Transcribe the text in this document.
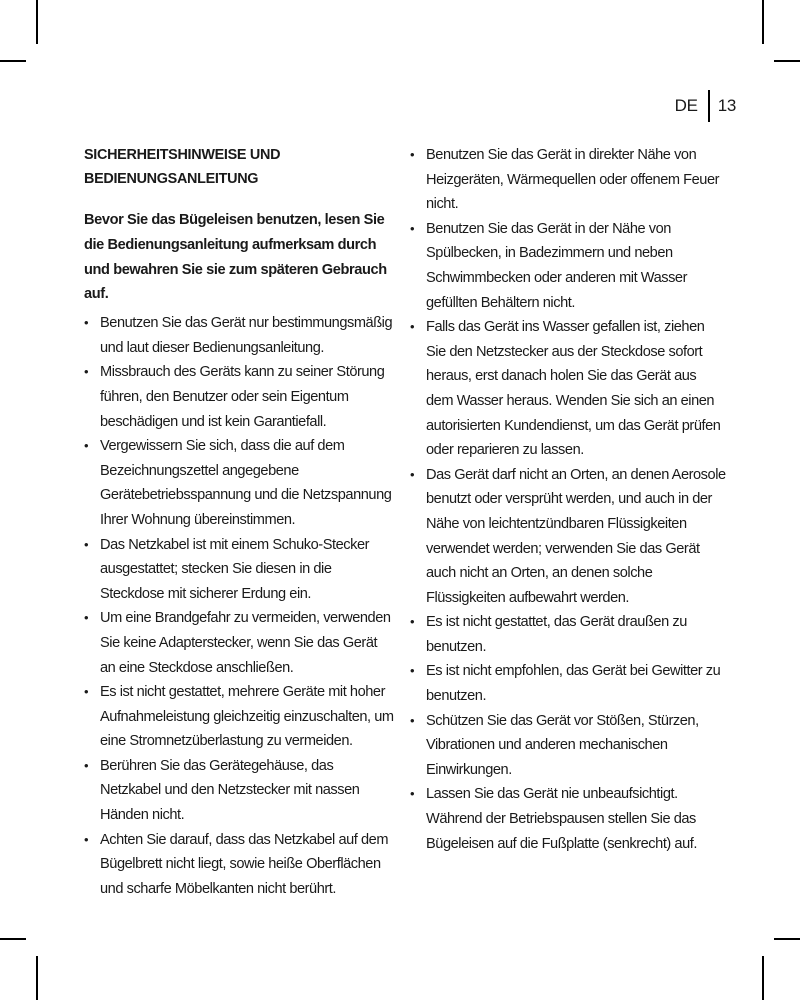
DE 13
SICHERHEITSHINWEISE UND
BEDIENUNGSANLEITUNG

Bevor Sie das Bügeleisen benutzen, lesen Sie die Bedienungsanleitung aufmerksam durch und bewahren Sie sie zum späteren Gebrauch auf.

• Benutzen Sie das Gerät nur bestimmungsmäßig und laut dieser Bedienungsanleitung.
• Missbrauch des Geräts kann zu seiner Störung führen, den Benutzer oder sein Eigentum beschädigen und ist kein Garantiefall.
• Vergewissern Sie sich, dass die auf dem Bezeichnungszettel angegebene Gerätebetriebsspannung und die Netzspannung Ihrer Wohnung übereinstimmen.
• Das Netzkabel ist mit einem Schuko-Stecker ausgestattet; stecken Sie diesen in die Steckdose mit sicherer Erdung ein.
• Um eine Brandgefahr zu vermeiden, verwenden Sie keine Adapterstecker, wenn Sie das Gerät an eine Steckdose anschließen.
• Es ist nicht gestattet, mehrere Geräte mit hoher Aufnahmeleistung gleichzeitig einzuschalten, um eine Stromnetzüberlastung zu vermeiden.
• Berühren Sie das Gerätegehäuse, das Netzkabel und den Netzstecker mit nassen Händen nicht.
• Achten Sie darauf, dass das Netzkabel auf dem Bügelbrett nicht liegt, sowie heiße Oberflächen und scharfe Möbelkanten nicht berührt.
• Benutzen Sie das Gerät in direkter Nähe von Heizgeräten, Wärmequellen oder offenem Feuer nicht.
• Benutzen Sie das Gerät in der Nähe von Spülbecken, in Badezimmern und neben Schwimmbecken oder anderen mit Wasser gefüllten Behältern nicht.
• Falls das Gerät ins Wasser gefallen ist, ziehen Sie den Netzstecker aus der Steckdose sofort heraus, erst danach holen Sie das Gerät aus dem Wasser heraus. Wenden Sie sich an einen autorisierten Kundendienst, um das Gerät prüfen oder reparieren zu lassen.
• Das Gerät darf nicht an Orten, an denen Aerosole benutzt oder versprüht werden, und auch in der Nähe von leichtentzündbaren Flüssigkeiten verwendet werden; verwenden Sie das Gerät auch nicht an Orten, an denen solche Flüssigkeiten aufbewahrt werden.
• Es ist nicht gestattet, das Gerät draußen zu benutzen.
• Es ist nicht empfohlen, das Gerät bei Gewitter zu benutzen.
• Schützen Sie das Gerät vor Stößen, Stürzen, Vibrationen und anderen mechanischen Einwirkungen.
• Lassen Sie das Gerät nie unbeaufsichtigt. Während der Betriebspausen stellen Sie das Bügeleisen auf die Fußplatte (senkrecht) auf.
